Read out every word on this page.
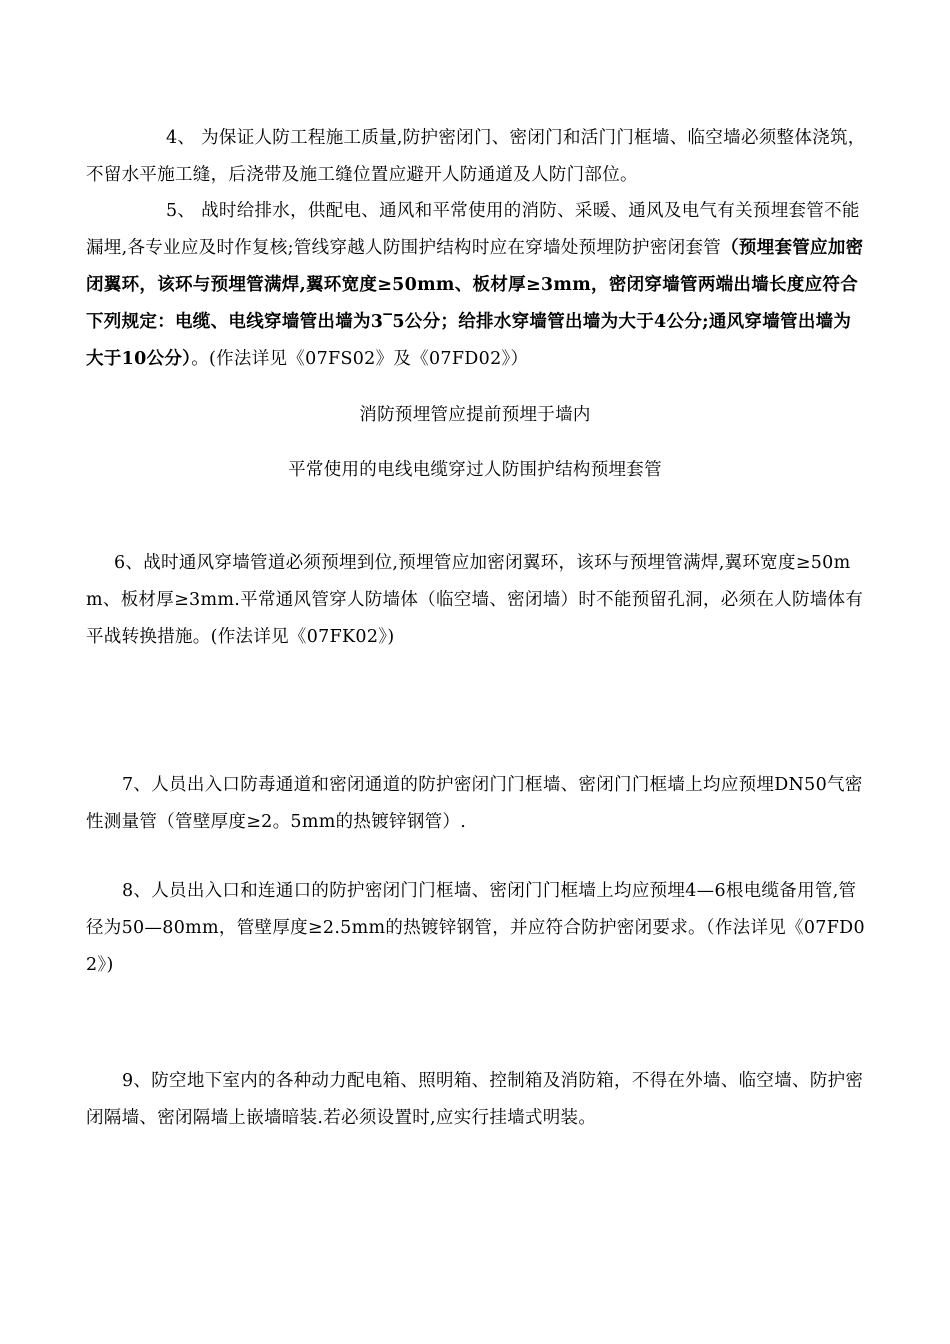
4、 为保证人防工程施工质量,防护密闭门、密闭门和活门门框墙、临空墙必须整体浇筑，不留水平施工缝，后浇带及施工缝位置应避开人防通道及人防门部位。

5、 战时给排水，供配电、通风和平常使用的消防、采暖、通风及电气有关预埋套管不能漏埋,各专业应及时作复核;管线穿越人防围护结构时应在穿墙处预埋防护密闭套管（预埋套管应加密闭翼环，该环与预埋管满焊,翼环宽度≥50mm、板材厚≥3mm，密闭穿墙管两端出墙长度应符合下列规定：电缆、电线穿墙管出墙为3‾5公分；给排水穿墙管出墙为大于4公分;通风穿墙管出墙为大于10公分）。(作法详见《07FS02》及《07FD02》）

消防预埋管应提前预埋于墙内

平常使用的电线电缆穿过人防围护结构预埋套管

6、战时通风穿墙管道必须预埋到位,预埋管应加密闭翼环，该环与预埋管满焊,翼环宽度≥50mm、板材厚≥3mm.平常通风管穿人防墙体（临空墙、密闭墙）时不能预留孔洞，必须在人防墙体有平战转换措施。(作法详见《07FK02》)

7、人员出入口防毒通道和密闭通道的防护密闭门门框墙、密闭门门框墙上均应预埋DN50气密性测量管（管壁厚度≥2。5mm的热镀锌钢管）.

8、人员出入口和连通口的防护密闭门门框墙、密闭门门框墙上均应预埋4—6根电缆备用管,管径为50—80mm，管壁厚度≥2.5mm的热镀锌钢管，并应符合防护密闭要求。（作法详见《07FD02》)

9、防空地下室内的各种动力配电箱、照明箱、控制箱及消防箱，不得在外墙、临空墙、防护密闭隔墙、密闭隔墙上嵌墙暗装.若必须设置时,应实行挂墙式明装。
